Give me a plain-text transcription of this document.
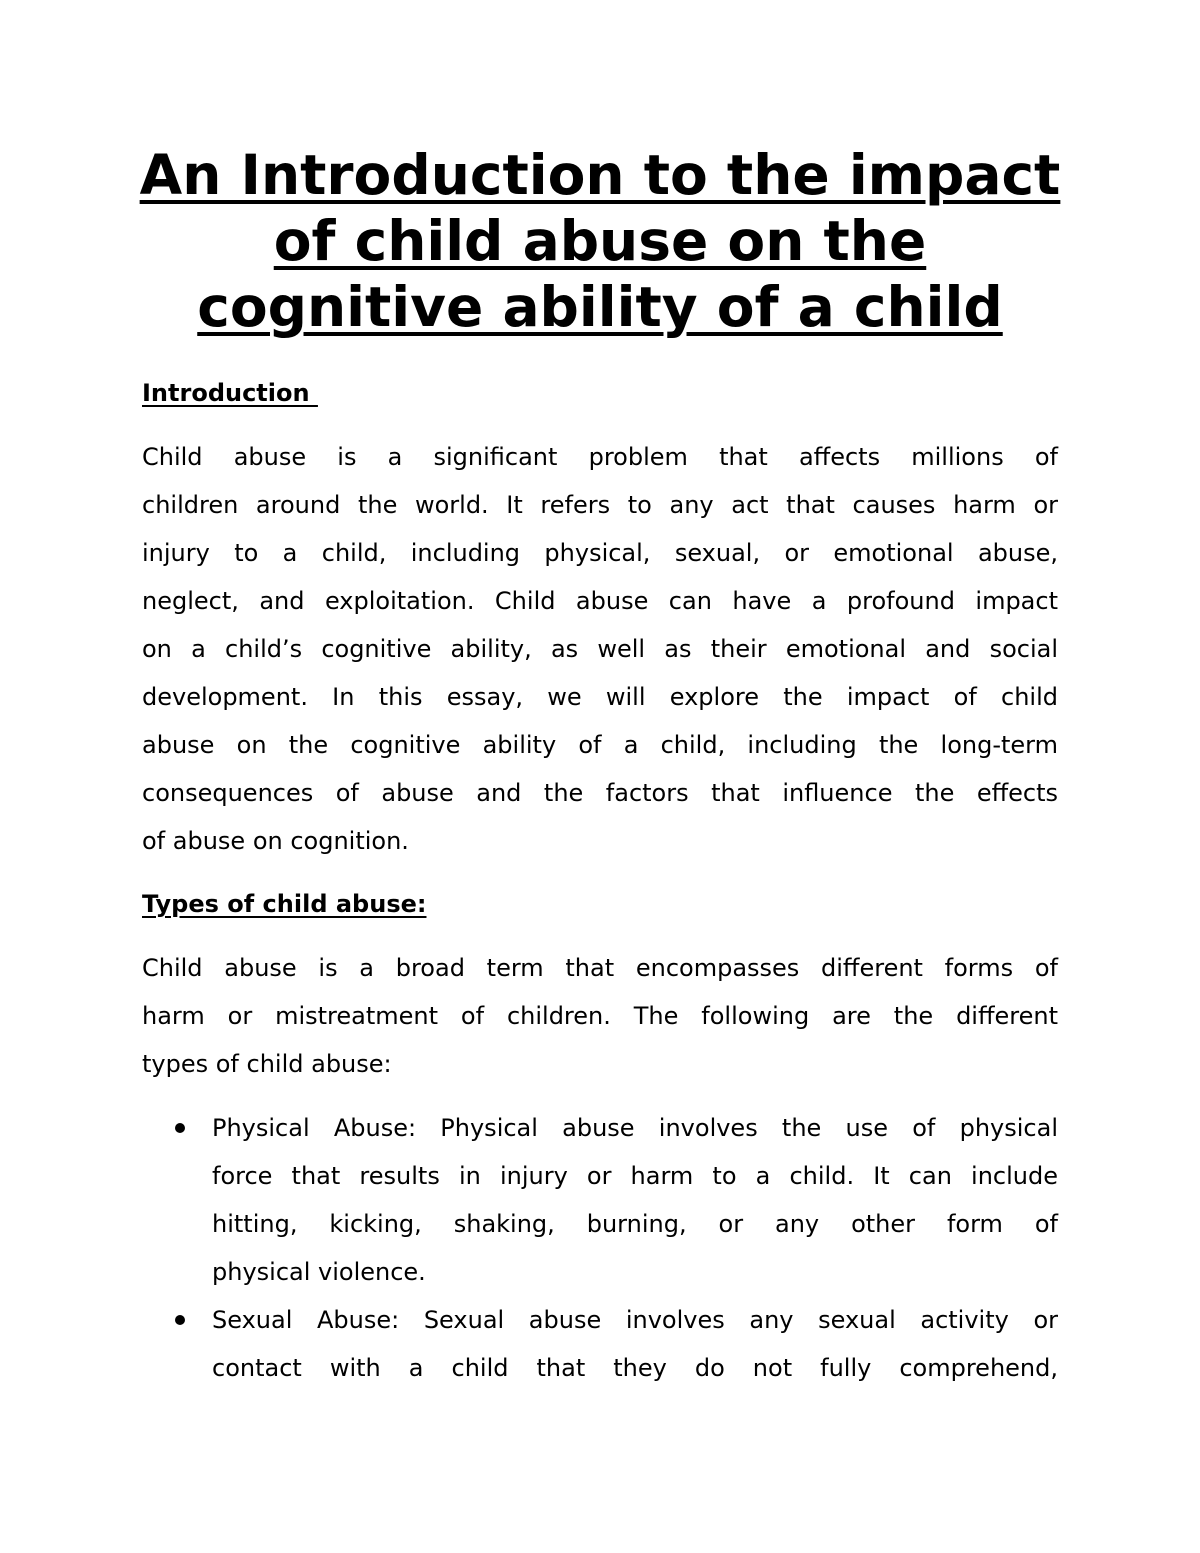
An Introduction to the impact
of child abuse on the
cognitive ability of a child
Introduction
Child abuse is a significant problem that affects millions of
children around the world. It refers to any act that causes harm or
injury to a child, including physical, sexual, or emotional abuse,
neglect, and exploitation. Child abuse can have a profound impact
on a child’s cognitive ability, as well as their emotional and social
development. In this essay, we will explore the impact of child
abuse on the cognitive ability of a child, including the long-term
consequences of abuse and the factors that influence the effects
of abuse on cognition.
Types of child abuse:
Child abuse is a broad term that encompasses different forms of
harm or mistreatment of children. The following are the different
types of child abuse:
Physical Abuse: Physical abuse involves the use of physical
force that results in injury or harm to a child. It can include
hitting, kicking, shaking, burning, or any other form of
physical violence.
Sexual Abuse: Sexual abuse involves any sexual activity or
contact with a child that they do not fully comprehend,
